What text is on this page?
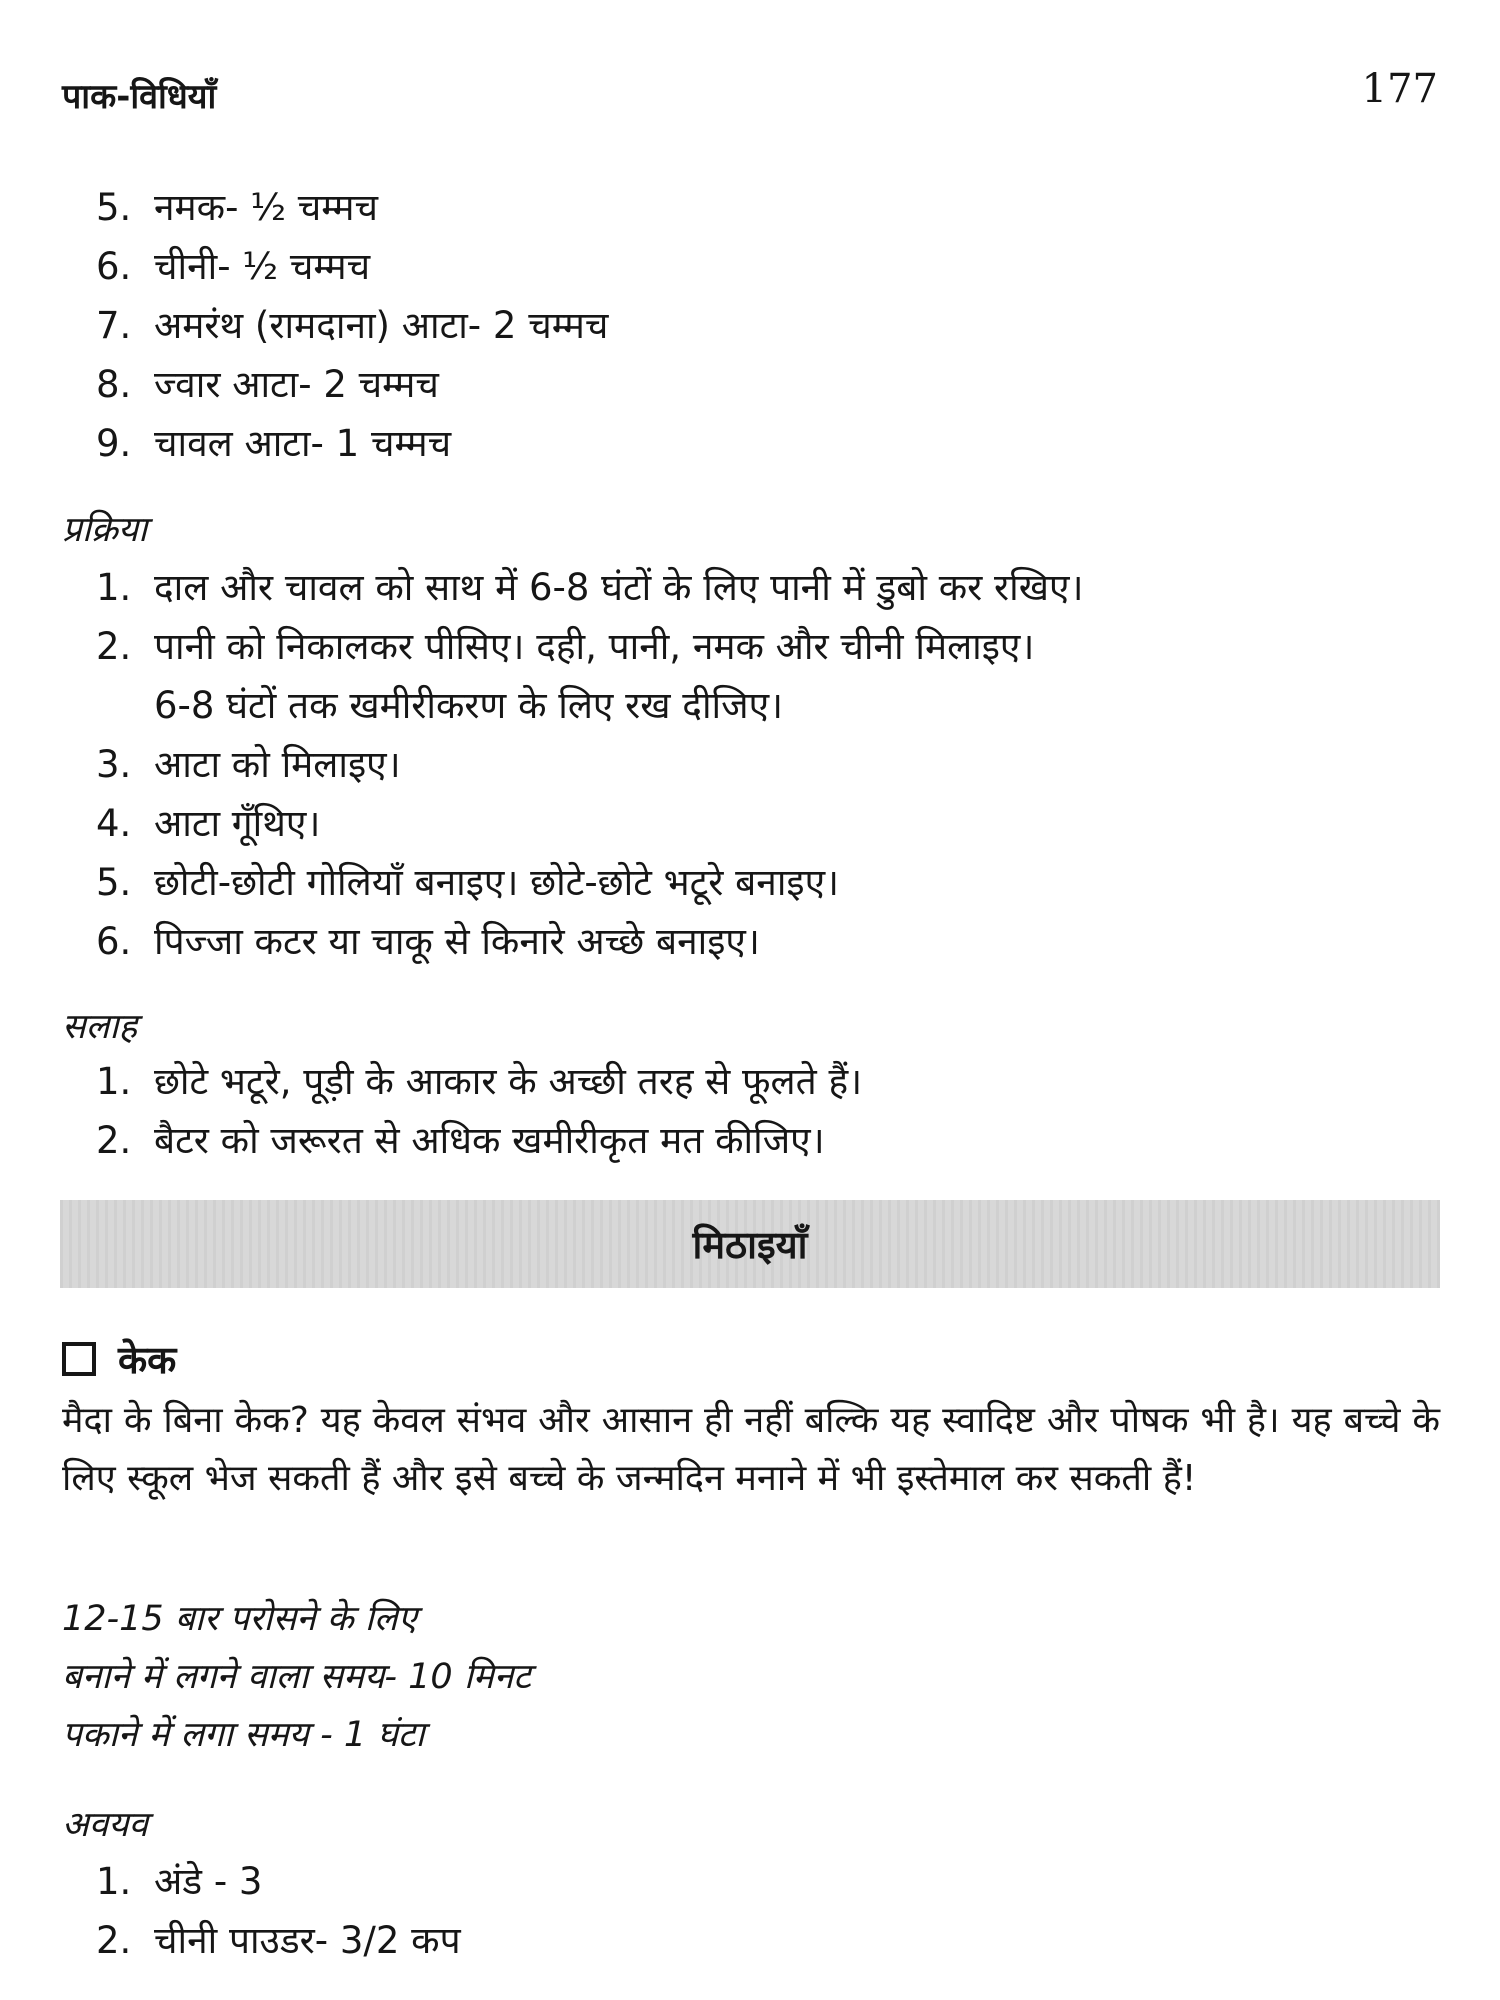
पाक-विधियाँ	177
5. नमक- ½ चम्मच
6. चीनी- ½ चम्मच
7. अमरंथ (रामदाना) आटा- 2 चम्मच
8. ज्वार आटा- 2 चम्मच
9. चावल आटा- 1 चम्मच
प्रक्रिया
1. दाल और चावल को साथ में 6-8 घंटों के लिए पानी में डुबो कर रखिए।
2. पानी को निकालकर पीसिए। दही, पानी, नमक और चीनी मिलाइए।
6-8 घंटों तक खमीरीकरण के लिए रख दीजिए।
3. आटा को मिलाइए।
4. आटा गूँथिए।
5. छोटी-छोटी गोलियाँ बनाइए। छोटे-छोटे भटूरे बनाइए।
6. पिज्जा कटर या चाकू से किनारे अच्छे बनाइए।
सलाह
1. छोटे भटूरे, पूड़ी के आकार के अच्छी तरह से फूलते हैं।
2. बैटर को जरूरत से अधिक खमीरीकृत मत कीजिए।
मिठाइयाँ
केक

मैदा के बिना केक? यह केवल संभव और आसान ही नहीं बल्कि यह स्वादिष्ट और पोषक भी है। यह बच्चे के लिए स्कूल भेज सकती हैं और इसे बच्चे के जन्मदिन मनाने में भी इस्तेमाल कर सकती हैं!

12-15 बार परोसने के लिए

बनाने में लगने वाला समय- 10 मिनट

पकाने में लगा समय - 1 घंटा

अवयव
1. अंडे - 3
2. चीनी पाउडर- 3/2 कप
